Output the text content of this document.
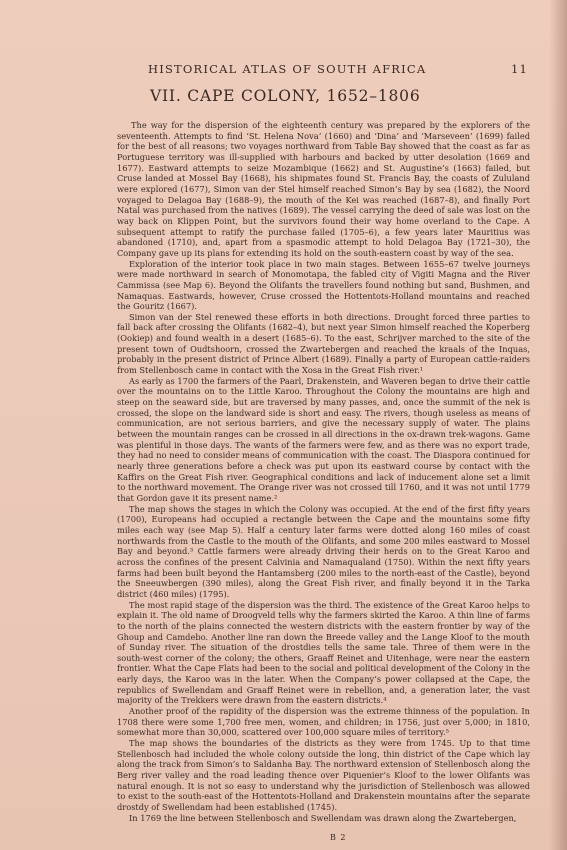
HISTORICAL ATLAS OF SOUTH AFRICA	11
VII. CAPE COLONY, 1652–1806

The way for the dispersion of the eighteenth century was prepared by the explorers of the seventeenth. Attempts to find ‘St. Helena Nova’ (1660) and ‘Dina’ and ‘Marseveen’ (1699) failed for the best of all reasons; two voyages northward from Table Bay showed that the coast as far as Portuguese territory was ill-supplied with harbours and backed by utter desolation (1669 and 1677). Eastward attempts to seize Mozambique (1662) and St. Augustine’s (1663) failed, but Cruse landed at Mossel Bay (1668), his shipmates found St. Francis Bay, the coasts of Zululand were explored (1677), Simon van der Stel himself reached Simon’s Bay by sea (1682), the Noord voyaged to Delagoa Bay (1688–9), the mouth of the Kei was reached (1687–8), and finally Port Natal was purchased from the natives (1689). The vessel carrying the deed of sale was lost on the way back on Klippen Point, but the survivors found their way home overland to the Cape. A subsequent attempt to ratify the purchase failed (1705–6), a few years later Mauritius was abandoned (1710), and, apart from a spasmodic attempt to hold Delagoa Bay (1721–30), the Company gave up its plans for extending its hold on the south-eastern coast by way of the sea.

Exploration of the interior took place in two main stages. Between 1655–67 twelve journeys were made northward in search of Monomotapa, the fabled city of Vigiti Magna and the River Cammissa (see Map 6). Beyond the Olifants the travellers found nothing but sand, Bushmen, and Namaquas. Eastwards, however, Cruse crossed the Hottentots-Holland mountains and reached the Gouritz (1667).

Simon van der Stel renewed these efforts in both directions. Drought forced three parties to fall back after crossing the Olifants (1682–4), but next year Simon himself reached the Koperberg (Ookiep) and found wealth in a desert (1685–6). To the east, Schrijver marched to the site of the present town of Oudtshoorn, crossed the Zwartebergen and reached the kraals of the Inquas, probably in the present district of Prince Albert (1689). Finally a party of European cattle-raiders from Stellenbosch came in contact with the Xosa in the Great Fish river.¹

As early as 1700 the farmers of the Paarl, Drakenstein, and Waveren began to drive their cattle over the mountains on to the Little Karoo. Throughout the Colony the mountains are high and steep on the seaward side, but are traversed by many passes, and, once the summit of the nek is crossed, the slope on the landward side is short and easy. The rivers, though useless as means of communication, are not serious barriers, and give the necessary supply of water. The plains between the mountain ranges can be crossed in all directions in the ox-drawn trek-wagons. Game was plentiful in those days. The wants of the farmers were few, and as there was no export trade, they had no need to consider means of communication with the coast. The Diaspora continued for nearly three generations before a check was put upon its eastward course by contact with the Kaffirs on the Great Fish river. Geographical conditions and lack of inducement alone set a limit to the northward movement. The Orange river was not crossed till 1760, and it was not until 1779 that Gordon gave it its present name.²

The map shows the stages in which the Colony was occupied. At the end of the first fifty years (1700), Europeans had occupied a rectangle between the Cape and the mountains some fifty miles each way (see Map 5). Half a century later farms were dotted along 160 miles of coast northwards from the Castle to the mouth of the Olifants, and some 200 miles eastward to Mossel Bay and beyond.³ Cattle farmers were already driving their herds on to the Great Karoo and across the confines of the present Calvinia and Namaqualand (1750). Within the next fifty years farms had been built beyond the Hantamsberg (200 miles to the north-east of the Castle), beyond the Sneeuwbergen (390 miles), along the Great Fish river, and finally beyond it in the Tarka district (460 miles) (1795).

The most rapid stage of the dispersion was the third. The existence of the Great Karoo helps to explain it. The old name of Droogveld tells why the farmers skirted the Karoo. A thin line of farms to the north of the plains connected the western districts with the eastern frontier by way of the Ghoup and Camdebo. Another line ran down the Breede valley and the Lange Kloof to the mouth of Sunday river. The situation of the drostdies tells the same tale. Three of them were in the south-west corner of the colony; the others, Graaff Reinet and Uitenhage, were near the eastern frontier. What the Cape Flats had been to the social and political development of the Colony in the early days, the Karoo was in the later. When the Company’s power collapsed at the Cape, the republics of Swellendam and Graaff Reinet were in rebellion, and, a generation later, the vast majority of the Trekkers were drawn from the eastern districts.⁴

Another proof of the rapidity of the dispersion was the extreme thinness of the population. In 1708 there were some 1,700 free men, women, and children; in 1756, just over 5,000; in 1810, somewhat more than 30,000, scattered over 100,000 square miles of territory.⁵

The map shows the boundaries of the districts as they were from 1745. Up to that time Stellenbosch had included the whole colony outside the long, thin district of the Cape which lay along the track from Simon’s to Saldanha Bay. The northward extension of Stellenbosch along the Berg river valley and the road leading thence over Piquenier’s Kloof to the lower Olifants was natural enough. It is not so easy to understand why the jurisdiction of Stellenbosch was allowed to exist to the south-east of the Hottentots-Holland and Drakenstein mountains after the separate drostdy of Swellendam had been established (1745).

In 1769 the line between Stellenbosch and Swellendam was drawn along the Zwartebergen,

B 2
